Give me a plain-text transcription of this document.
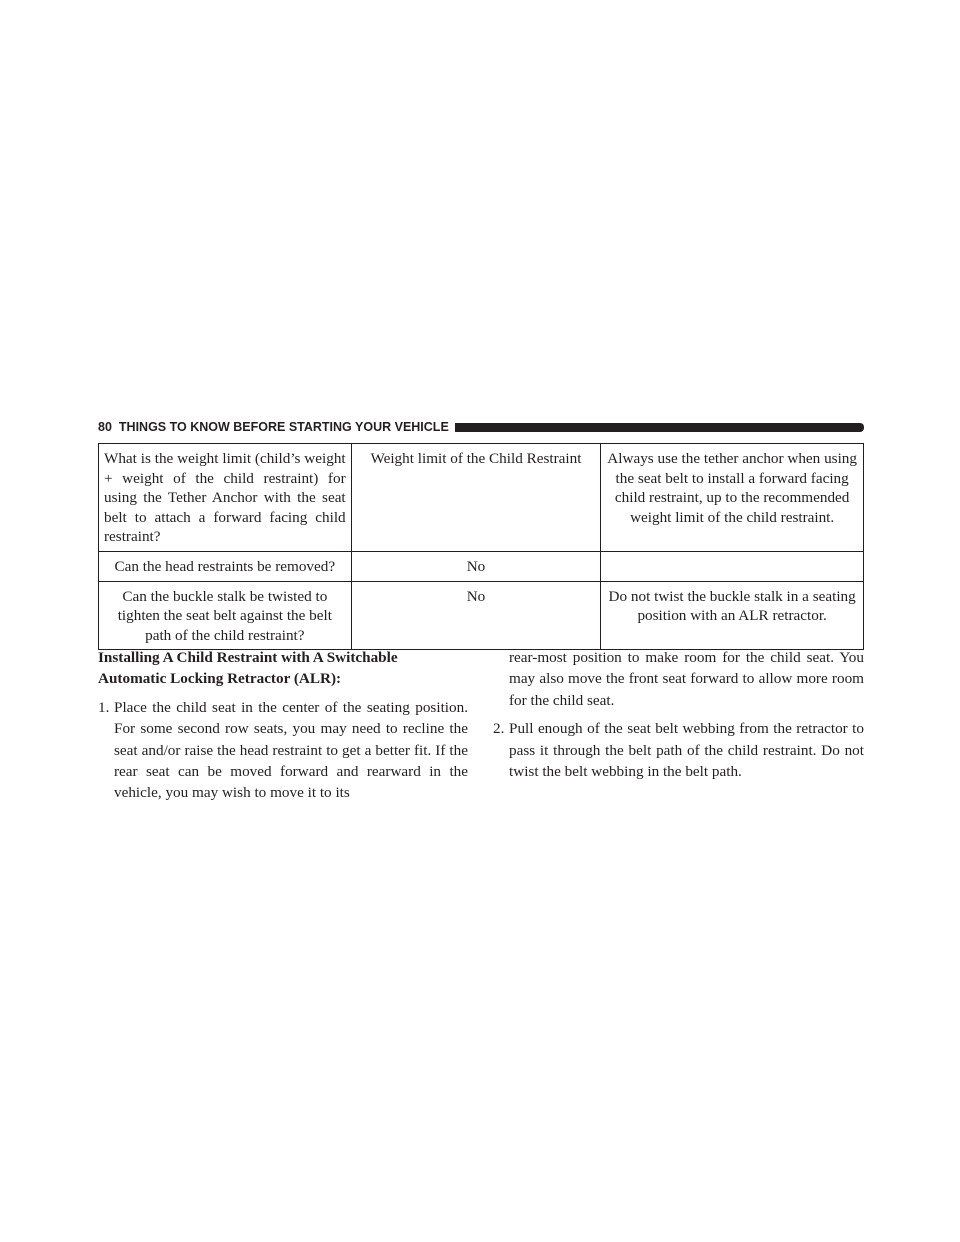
80 THINGS TO KNOW BEFORE STARTING YOUR VEHICLE
What is the weight limit (child’s weight + weight of the child restraint) for using the Tether Anchor with the seat belt to attach a forward facing child restraint?	Weight limit of the Child Restraint	Always use the tether anchor when using the seat belt to install a forward facing child restraint, up to the recommended weight limit of the child restraint.
Can the head restraints be removed?	No	
Can the buckle stalk be twisted to tighten the seat belt against the belt path of the child restraint?	No	Do not twist the buckle stalk in a seating position with an ALR retractor.
Installing A Child Restraint with A Switchable Automatic Locking Retractor (ALR):
1. Place the child seat in the center of the seating position. For some second row seats, you may need to recline the seat and/or raise the head restraint to get a better fit. If the rear seat can be moved forward and rearward in the vehicle, you may wish to move it to its
rear-most position to make room for the child seat. You may also move the front seat forward to allow more room for the child seat.
2. Pull enough of the seat belt webbing from the retractor to pass it through the belt path of the child restraint. Do not twist the belt webbing in the belt path.
